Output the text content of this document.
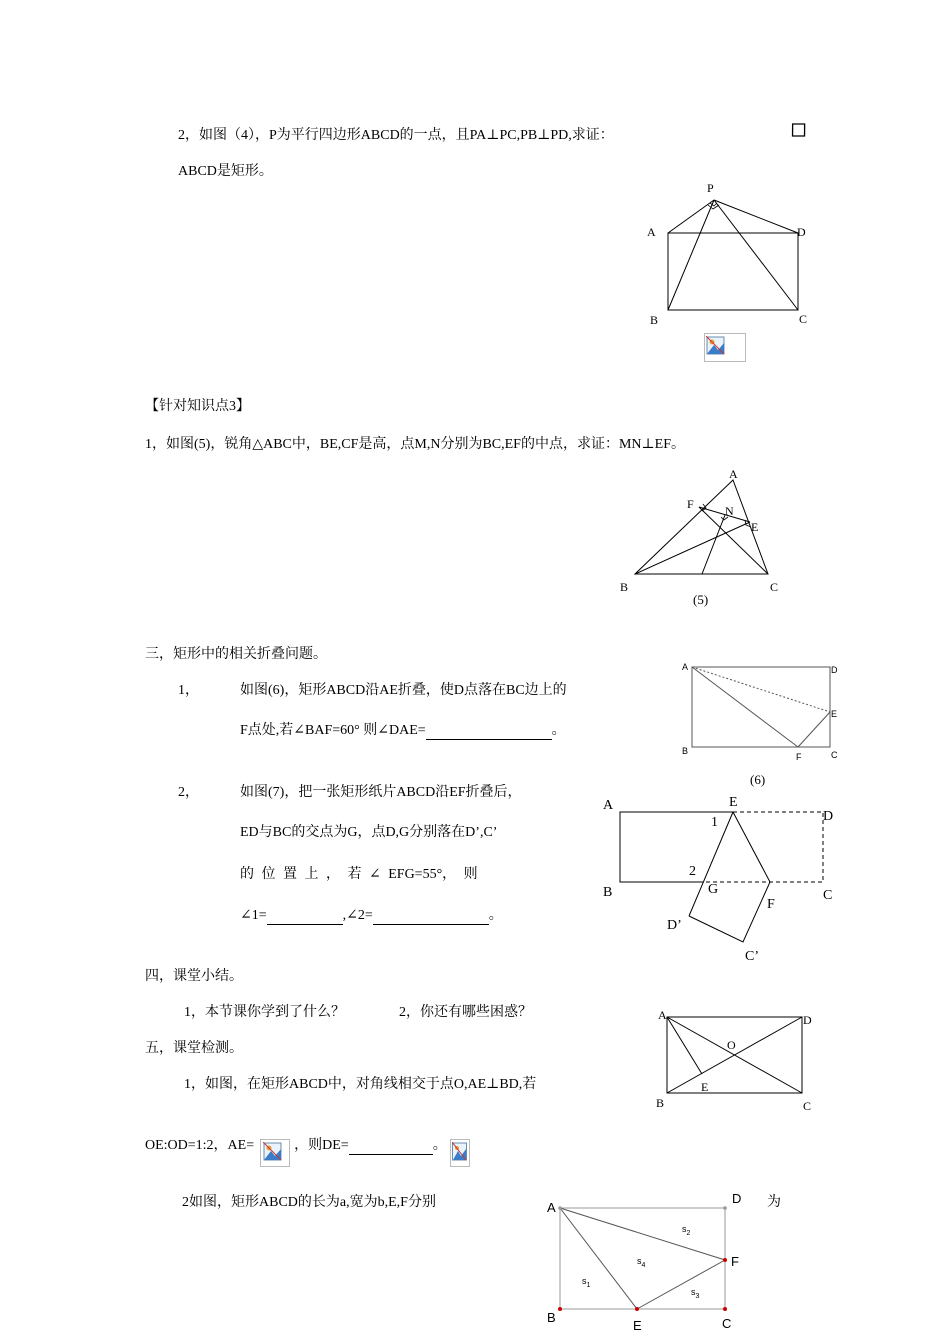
2，如图（4），P为平行四边形ABCD的一点，且PA⊥PC,PB⊥PD,求证：
ABCD是矩形。
P
A	D
B	C
【针对知识点3】
1，如图(5)，锐角△ABC中，BE,CF是高，点M,N分别为BC,EF的中点，求证：MN⊥EF。
A
F	N
E
B	C
(5)
三，矩形中的相关折叠问题。
1，	如图(6)，矩形ABCD沿AE折叠，使D点落在BC边上的
F点处,若∠BAF=60° 则∠DAE=	。
A	D
E
B
F	C
(6)
2，	如图(7)，把一张矩形纸片ABCD沿EF折叠后，
ED与BC的交点为G，点D,G分别落在D’,C’
的 位 置 上 ， 若 ∠ EFG=55°， 则
∠1=	,∠2=	。
A	E
D
1
2
B	G	C
F
D’
C’
四，课堂小结。
1，本节课你学到了什么？	2，你还有哪些困惑？
五，课堂检测。
1，如图，在矩形ABCD中，对角线相交于点O,AE⊥BD,若
OE:OD=1:2，AE=	，则DE=	。
A	D
O
E
B	C
2如图，矩形ABCD的长为a,宽为b,E,F分别	为
A
D
F
B
E	C
$s_2$
$s_4$
$s_1$
$s_3$
